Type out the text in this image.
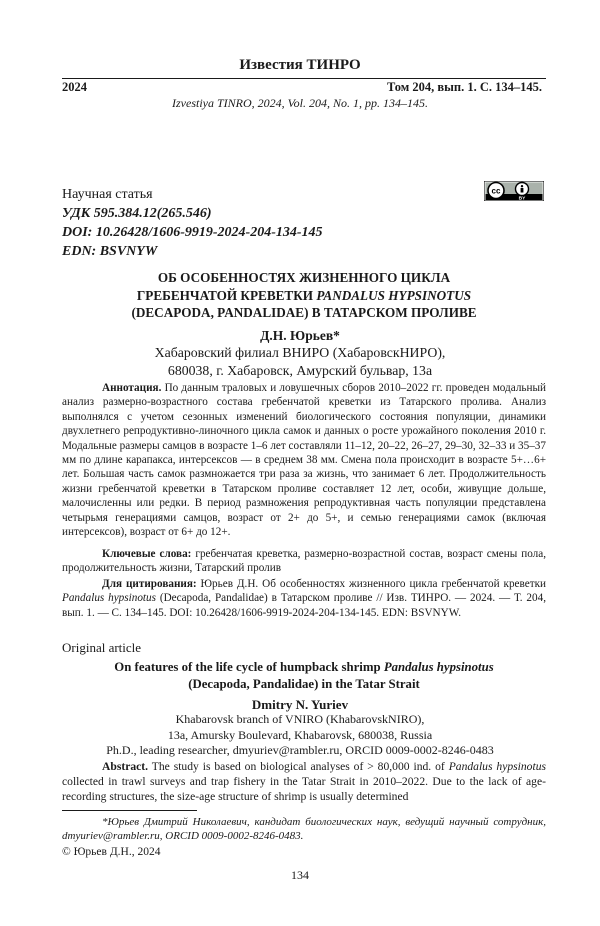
Известия ТИНРО
2024	Том 204, вып. 1. С. 134–145.
Izvestiya TINRO, 2024, Vol. 204, No. 1, pp. 134–145.
Научная статья
УДК 595.384.12(265.546)
DOI: 10.26428/1606-9919-2024-204-134-145
EDN: BSVNYW
cc
BY
ОБ ОСОБЕННОСТЯХ ЖИЗНЕННОГО ЦИКЛА
ГРЕБЕНЧАТОЙ КРЕВЕТКИ PANDALUS HYPSINOTUS
(DECAPODA, PANDALIDAE) В ТАТАРСКОМ ПРОЛИВЕ
Д.Н. Юрьев*
Хабаровский филиал ВНИРО (ХабаровскНИРО),
680038, г. Хабаровск, Амурский бульвар, 13а
Аннотация. По данным траловых и ловушечных сборов 2010–2022 гг. проведен модальный анализ размерно-возрастного состава гребенчатой креветки из Татарского пролива. Анализ выполнялся с учетом сезонных изменений биологического состояния популяции, динамики двухлетнего репродуктивно-линочного цикла самок и данных о росте урожайного поколения 2010 г. Модальные размеры самцов в возрасте 1–6 лет составляли 11–12, 20–22, 26–27, 29–30, 32–33 и 35–37 мм по длине карапакса, интерсексов — в среднем 38 мм. Смена пола происходит в возрасте 5+…6+ лет. Большая часть самок размножается три раза за жизнь, что занимает 6 лет. Продолжительность жизни гребенчатой креветки в Татарском проливе составляет 12 лет, особи, живущие дольше, малочисленны или редки. В период размножения репродуктивная часть популяции представлена четырьмя генерациями самцов, возраст от 2+ до 5+, и семью генерациями самок (включая интерсексов), возраст от 6+ до 12+.
Ключевые слова: гребенчатая креветка, размерно-возрастной состав, возраст смены пола, продолжительность жизни, Татарский пролив
Для цитирования: Юрьев Д.Н. Об особенностях жизненного цикла гребенчатой креветки Pandalus hypsinotus (Decapoda, Pandalidae) в Татарском проливе // Изв. ТИНРО. — 2024. — Т. 204, вып. 1. — С. 134–145. DOI: 10.26428/1606-9919-2024-204-134-145. EDN: BSVNYW.
Original article
On features of the life cycle of humpback shrimp Pandalus hypsinotus
(Decapoda, Pandalidae) in the Tatar Strait
Dmitry N. Yuriev
Khabarovsk branch of VNIRO (KhabarovskNIRO),
13a, Amursky Boulevard, Khabarovsk, 680038, Russia
Ph.D., leading researcher, dmyuriev@rambler.ru, ORCID 0009-0002-8246-0483
Abstract. The study is based on biological analyses of > 80,000 ind. of Pandalus hypsinotus collected in trawl surveys and trap fishery in the Tatar Strait in 2010–2022. Due to the lack of age-recording structures, the size-age structure of shrimp is usually determined
*Юрьев Дмитрий Николаевич, кандидат биологических наук, ведущий научный сотрудник, dmyuriev@rambler.ru, ORCID 0009-0002-8246-0483.
© Юрьев Д.Н., 2024
134
